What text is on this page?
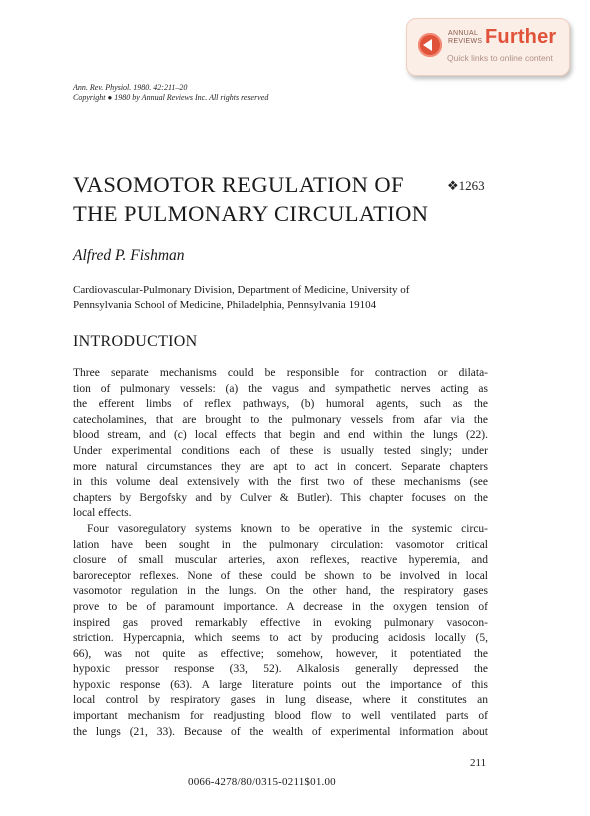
ANNUAL
REVIEWS Further
Quick links to online content
Ann. Rev. Physiol. 1980. 42:211–20
Copyright ● 1980 by Annual Reviews Inc. All rights reserved
VASOMOTOR REGULATION OF
THE PULMONARY CIRCULATION
❖1263
Alfred P. Fishman
Cardiovascular-Pulmonary Division, Department of Medicine, University of
Pennsylvania School of Medicine, Philadelphia, Pennsylvania 19104
INTRODUCTION
Three separate mechanisms could be responsible for contraction or dilata-
tion of pulmonary vessels: (a) the vagus and sympathetic nerves acting as
the efferent limbs of reflex pathways, (b) humoral agents, such as the
catecholamines, that are brought to the pulmonary vessels from afar via the
blood stream, and (c) local effects that begin and end within the lungs (22).
Under experimental conditions each of these is usually tested singly; under
more natural circumstances they are apt to act in concert. Separate chapters
in this volume deal extensively with the first two of these mechanisms (see
chapters by Bergofsky and by Culver & Butler). This chapter focuses on the
local effects.
Four vasoregulatory systems known to be operative in the systemic circu-
lation have been sought in the pulmonary circulation: vasomotor critical
closure of small muscular arteries, axon reflexes, reactive hyperemia, and
baroreceptor reflexes. None of these could be shown to be involved in local
vasomotor regulation in the lungs. On the other hand, the respiratory gases
prove to be of paramount importance. A decrease in the oxygen tension of
inspired gas proved remarkably effective in evoking pulmonary vasocon-
striction. Hypercapnia, which seems to act by producing acidosis locally (5,
66), was not quite as effective; somehow, however, it potentiated the
hypoxic pressor response (33, 52). Alkalosis generally depressed the
hypoxic response (63). A large literature points out the importance of this
local control by respiratory gases in lung disease, where it constitutes an
important mechanism for readjusting blood flow to well ventilated parts of
the lungs (21, 33). Because of the wealth of experimental information about
211
0066-4278/80/0315-0211$01.00
